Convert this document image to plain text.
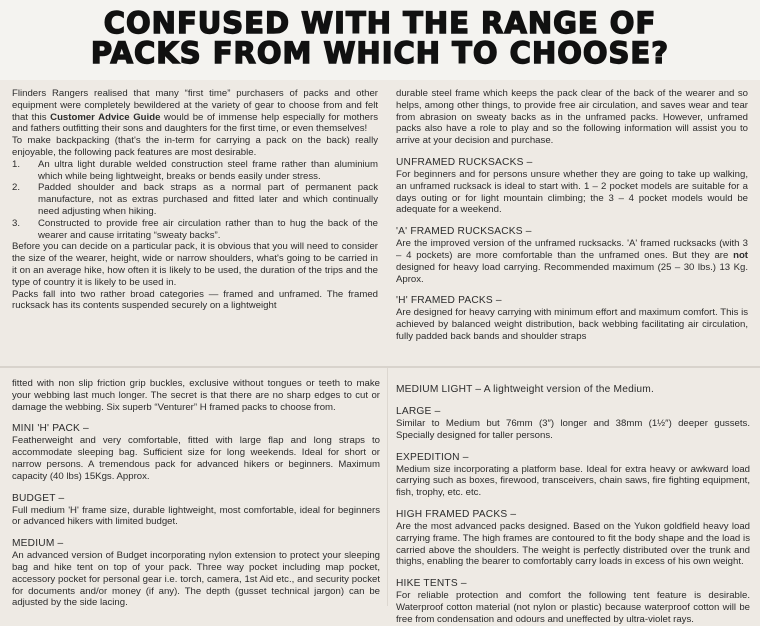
CONFUSED WITH THE RANGE OF
PACKS FROM WHICH TO CHOOSE?

Flinders Rangers realised that many “first time” purchasers of packs and other equipment were completely bewildered at the variety of gear to choose from and felt that this Customer Advice Guide would be of immense help especially for mothers and fathers outfitting their sons and daughters for the first time, or even themselves!

To make backpacking (that's the in-term for carrying a pack on the back) really enjoyable, the following pack features are most desirable.

1.	An ultra light durable welded construction steel frame rather than aluminium which while being lightweight, breaks or bends easily under stress.
2.	Padded shoulder and back straps as a normal part of permanent pack manufacture, not as extras purchased and fitted later and which continually need adjusting when hiking.
3.	Constructed to provide free air circulation rather than to hug the back of the wearer and cause irritating “sweaty backs”.

Before you can decide on a particular pack, it is obvious that you will need to consider the size of the wearer, height, wide or narrow shoulders, what's going to be carried in it on an average hike, how often it is likely to be used, the duration of the trips and the type of country it is likely to be used in.

Packs fall into two rather broad categories — framed and unframed. The framed rucksack has its contents suspended securely on a lightweight

durable steel frame which keeps the pack clear of the back of the wearer and so helps, among other things, to provide free air circulation, and saves wear and tear from abrasion on sweaty backs as in the unframed packs. However, unframed packs also have a role to play and so the following information will assist you to arrive at your decision and purchase.

UNFRAMED RUCKSACKS –

For beginners and for persons unsure whether they are going to take up walking, an unframed rucksack is ideal to start with. 1 – 2 pocket models are suitable for a days outing or for light mountain climbing; the 3 – 4 pocket models would be adequate for a weekend.

'A' FRAMED RUCKSACKS –

Are the improved version of the unframed rucksacks. 'A' framed rucksacks (with 3 – 4 pockets) are more comfortable than the unframed ones. But they are not designed for heavy load carrying. Recommended maximum (25 – 30 lbs.) 13 Kg. Aprox.

'H' FRAMED PACKS –

Are designed for heavy carrying with minimum effort and maximum comfort. This is achieved by balanced weight distribution, back webbing facilitating air circulation, fully padded back bands and shoulder straps

fitted with non slip friction grip buckles, exclusive without tongues or teeth to make your webbing last much longer. The secret is that there are no sharp edges to cut or damage the webbing. Six superb “Venturer” H framed packs to choose from.

MINI 'H' PACK –

Featherweight and very comfortable, fitted with large flap and long straps to accommodate sleeping bag. Sufficient size for long weekends. Ideal for short or narrow persons. A tremendous pack for advanced hikers or beginners. Maximum capacity (40 lbs) 15Kgs. Approx.

BUDGET –

Full medium 'H' frame size, durable lightweight, most comfortable, ideal for beginners or advanced hikers with limited budget.

MEDIUM –

An advanced version of Budget incorporating nylon extension to protect your sleeping bag and hike tent on top of your pack. Three way pocket including map pocket, accessory pocket for personal gear i.e. torch, camera, 1st Aid etc., and security pocket for documents and/or money (if any). The depth (gusset technical jargon) can be adjusted by the side lacing.

MEDIUM LIGHT – A lightweight version of the Medium.
LARGE –

Similar to Medium but 76mm (3″) longer and 38mm (1½″) deeper gussets. Specially designed for taller persons.

EXPEDITION –

Medium size incorporating a platform base. Ideal for extra heavy or awkward load carrying such as boxes, firewood, transceivers, chain saws, fire fighting equipment, fish, trophy, etc. etc.

HIGH FRAMED PACKS –

Are the most advanced packs designed. Based on the Yukon goldfield heavy load carrying frame. The high frames are contoured to fit the body shape and the load is carried above the shoulders. The weight is perfectly distributed over the trunk and thighs, enabling the bearer to comfortably carry loads in excess of his own weight.

HIKE TENTS –

For reliable protection and comfort the following tent feature is desirable. Waterproof cotton material (not nylon or plastic) because waterproof cotton will be free from condensation and odours and uneffected by ultra-violet rays.
